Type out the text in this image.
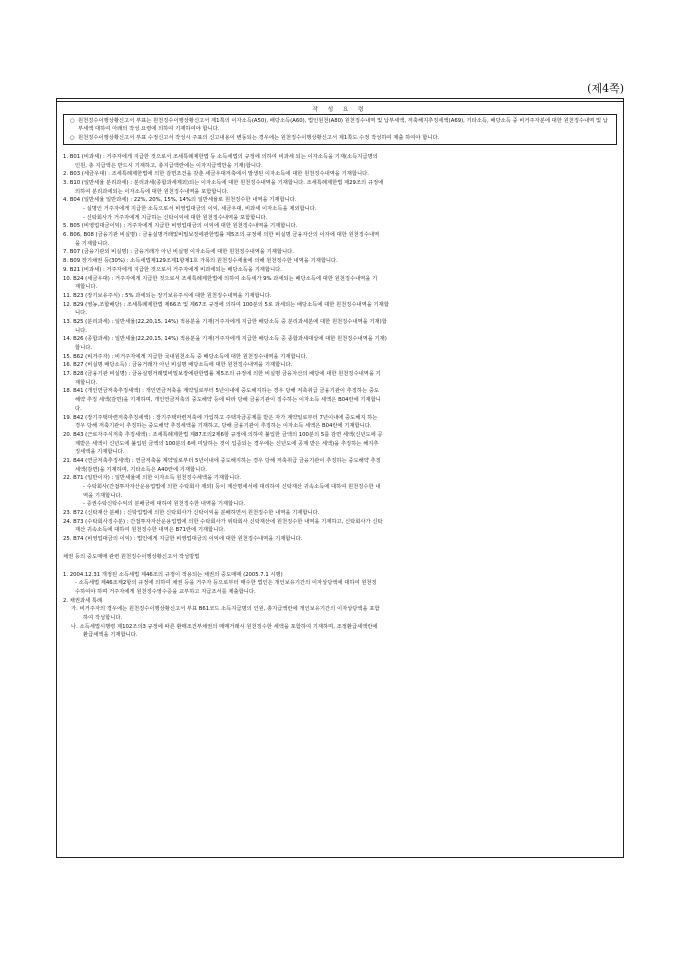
(제4쪽)
작 성 요 령
○ 원천징수이행상황신고서 부표는 원천징수이행상황신고서 제1쪽의 이자소득(A50), 배당소득(A60), 법인원천(A80) 원천징수내역 및 납부세액, 저축해지추징세액(A69), 기타소득, 배당소득 중 비거주자분에 대한 원천징수내역 및 납부세액 대하여 아래의 작성 요령에 의하여 기재하여야 합니다.
○ 원천징수이행상황신고서 부표 수정신고서 작성시 주표의 신고내용이 변동되는 경우에는 원천징수이행상황신고서 제1쪽도 수정 작성하여 제출 하여야 합니다.
1. B01 (비과세) : 거주자에게 지급한 것으로서 조세특례제한법 등 소득세법의 규정에 의하여 비과세 되는 이자소득을 기재(소득지급명의
인원, 총 지급액은 반드시 기재하고, 총지급액란에는 이자지급액만을 기재)합니다.
2. B03 (세금우대) : 조세특례제한법에 의한 감면조건을 갖춘 세금우대저축에서 발생된 이자소득에 대한 원천징수내역을 기재합니다.
3. B10 (일반세율 분리과세) : 분리과세(종합과세제외)되는 이자소득에 대한 원천징수내역을 기재합니다. 조세특례제한법 제29조의 규정에
의하여 분리과세되는 이자소득에 대한 원천징수내역을 포함합니다.
4. B04 (일반세율 일반과세) : 22%, 20%, 15%, 14%의 일반세율로 원천징수한 내역을 기재합니다.
- 실명인 거주자에게 지급한 소득으로서 비영업대금의 이익, 세금우대, 비과세 이자소득을 제외합니다.
- 신탁회사가 거주자에게 지급하는 신탁이익에 대한 원천징수내역을 포함합니다.
5. B05 (비영업대금이익) : 거주자에게 지급한 비영업대금의 이익에 대한 원천징수내역을 기재합니다.
6. B06, B08 (금융기관 비실명) : 금융실명거래및비밀보장에관한법률 제5조의 규정에 의한 비실명 금융자산의 이자에 대한 원천징수내역
을 기재합니다.
7. B07 (금융기관외 비실명) : 금융거래가 아닌 비실명 이자소득에 대한 원천징수내역을 기재합니다.
8. B09 장기채권 등(30%) : 소득세법제129조제1항제1호 가목의 원천징수세율에 의해 원천징수한 내역을 기재합니다.
9. B21 (비과세) : 거주자에게 지급한 것으로서 거주자에게 비과세되는 배당소득을 기재합니다.
10. B24 (세금우대) : 거주자에게 지급한 것으로서 조세특례제한법에 의하여 소득세가 9% 과세되는 배당소득에 대한 원천징수내역을 기
재합니다.
11. B23 (장기보유주식) : 5% 과세되는 장기보유주식에 대한 원천징수내역을 기재합니다.
12. B29 (영농,조합배당) : 조세특례제한법 제66조 및 제67조 규정에 의하여 100분의 5로 과세되는 배당소득에 대한 원천징수내역을 기재합
니다.
13. B25 (분리과세) : 일반세율(22,20,15, 14%) 적용분을 기재(거주자에게 지급한 배당소득 중 분리과세분에 대한 원천징수내역을 기재)합
니다.
14. B26 (종합과세) : 일반세율(22,20,15, 14%) 적용분을 기재(거주자에게 지급한 배당소득 중 종합과세대상에 대한 원천징수내역을 기재)
합니다.
15. B62 (비거주자) : 비거주자에게 지급한 국내원천소득 중 배당소득에 대한 원천징수내역을 기재합니다.
16. B27 (비실명 배당소득) : 금융거래가 아닌 비실명 배당소득에 대한 원천징수내역을 기재합니다.
17. B28 (금융기관 비실명) : 금융실명거래및비밀보장에관한법률 제5조의 규정에 의한 비실명 금융자산의 배당에 대한 원천징수내역을 기
재합니다.
18. B41 (개인연금저축추징세액) : 개인연금저축을 계약일로부터 5년이내에 중도해지하는 경우 당해 저축취급 금융기관이 추징하는 중도
해약 추징 세액(감면)을 기재하며, 개인연금저축의 중도해약 등에 따라 당해 금융기관이 징수하는 이자소득 세액은 B04란에 기재합니
다.
19. B42 (장기주택마련저축추징세액) : 장기주택마련저축에 가입하고 주택자금공제를 받은 자가 계약일로부터 7년이내에 중도해지 하는
경우 당해 저축기관이 추징하는 중도해약 추징세액을 기재하고, 당해 금융기관이 추징하는 이자소득 세액은 B04란에 기재합니다.
20. B43 (근로자주식저축 추징세액) : 조세특례제한법 제87조의2제6항 규정에 의하여 불입한 금액의 100분의 5를 감면 세액(신년도에 공
제받은 세액이 신년도에 불입된 금액의 100분의 6에 미달하는 것이 입증되는 경우에는 신년도에 공제 받은 세액)을 추징하는 해지추
징세액을 기재합니다.
21. B44 (연금저축추징세액) : 연금저축을 계약일로부터 5년이내에 중도해지하는 경우 당해 저축취급 금융기관이 추징하는 중도해약 추징
세액(감면)을 기재하며, 기타소득은 A40란에 기재합니다.
22. B71 (일반이자) : 일반세율에 의한 이자소득 원천징수세액을 기재합니다.
- 수탁회사(간접투자자산운용업법에 의한 수탁회사 제외) 등이 계산명세서에 대리하여 신탁재산 귀속소득에 대하여 원천징수한 내
역을 기재합니다.
- 증권수탁신탁수익의 분배금에 대하여 원천징수한 내역을 기재합니다.
23. B72 (신탁재산 분배) : 신탁업법에 의한 신탁회사가 신탁이익을 분배하면서 원천징수한 내역을 기재합니다.
24. B73 (수탁회사징수분) : 간접투자자산운용업법에 의한 수탁회사가 위탁회사 신탁재산에 원천징수한 내역을 기재하고, 신탁회사가 신탁
재산 귀속소득에 대하여 원천징수한 내역은 B71란에 기재합니다.
25. B74 (비영업대금의 이익) : 법인에게 지급한 비영업대금의 이익에 대한 원천징수내역을 기재합니다.
채권 등의 중도매매 관련 원천징수이행상황신고서 작성방법
1. 2004.12.31 개정된 소득세법 제46조의 규정이 적용되는 채권의 중도매매 (2005.7.1 시행)
- 소득세법 제46조제2항의 규정에 의하여 채권 등을 거주자 등으로부터 매수한 법인은 개인보유기간의 이자상당액에 대하여 원천징
수하여야 하며 거주자에게 원천징수영수증을 교부하고 지급조서를 제출합니다.
2. 채권과세 특례
가. 비거주자의 경우에는 원천징수이행상황신고서 부표 B61코드 소득지급명의 인원, 총지급액란에 개인보유기간의 이자상당액을 포함
하여 작성합니다.
나. 소득세법시행령 제102조의3 규정에 따른 환매조건부채권의 매매거래시 원천징수한 세액을 포함하여 기재하며, 조정환급세액란에
환급세액을 기재합니다.
